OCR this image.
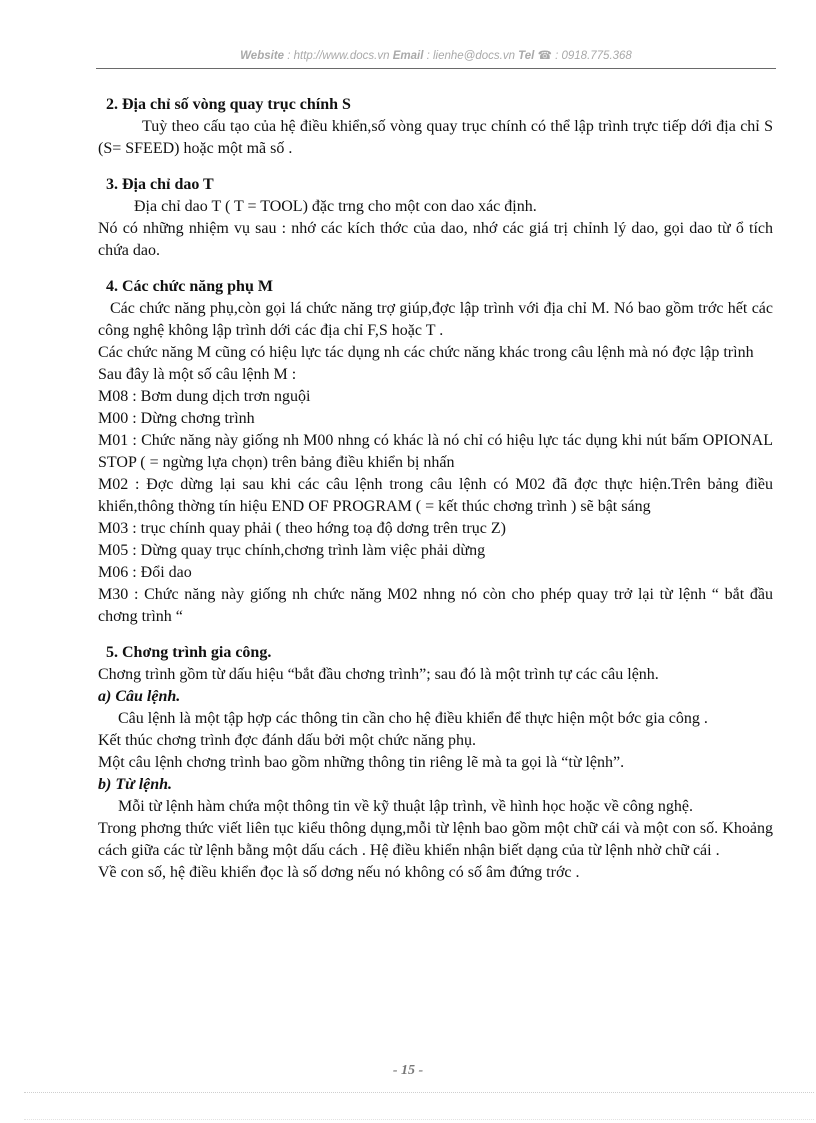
Website : http://www.docs.vn Email : lienhe@docs.vn Tel ☎ : 0918.775.368

2. Địa chỉ số vòng quay trục chính S

Tuỳ theo cấu tạo của hệ điều khiển,số vòng quay trục chính có thể lập trình trực tiếp dới địa chỉ S (S= SFEED) hoặc một mã số .

3. Địa chỉ dao T

Địa chỉ dao T ( T = TOOL) đặc trng cho một con dao xác định.

Nó có những nhiệm vụ sau : nhớ các kích thớc của dao, nhớ các giá trị chỉnh lý dao, gọi dao từ ổ tích chứa dao.

4. Các chức năng phụ M

Các chức năng phụ,còn gọi lá chức năng trợ giúp,đợc lập trình với địa chỉ M. Nó bao gồm trớc hết các công nghệ không lập trình dới các địa chỉ F,S hoặc T .

Các chức năng M cũng có hiệu lực tác dụng nh các chức năng khác trong câu lệnh mà nó đợc lập trình

Sau đây là một số câu lệnh M :

M08 : Bơm dung dịch trơn nguội

M00 : Dừng chơng trình

M01 : Chức năng này giống nh M00 nhng có khác là nó chỉ có hiệu lực tác dụng khi nút bấm OPIONAL STOP ( = ngừng lựa chọn) trên bảng điều khiển bị nhấn

M02 : Đợc dừng lại sau khi các câu lệnh trong câu lệnh có M02 đã đợc thực hiện.Trên bảng điều khiển,thông thờng tín hiệu END OF PROGRAM ( = kết thúc chơng trình ) sẽ bật sáng

M03 : trục chính quay phải ( theo hớng toạ độ dơng trên trục Z)

M05 : Dừng quay trục chính,chơng trình làm việc phải dừng

M06 : Đổi dao

M30 : Chức năng này giống nh chức năng M02 nhng nó còn cho phép quay trở lại từ lệnh “ bắt đầu chơng trình “

5. Chơng trình gia công.

Chơng trình gồm từ dấu hiệu “bắt đầu chơng trình”; sau đó là một trình tự các câu lệnh.

a) Câu lệnh.

Câu lệnh là một tập hợp các thông tin cần cho hệ điều khiển để thực hiện một bớc gia công .

Kết thúc chơng trình đợc đánh dấu bởi một chức năng phụ.

Một câu lệnh chơng trình bao gồm những thông tin riêng lẽ mà ta gọi là “từ lệnh”.

b) Từ lệnh.

Mỗi từ lệnh hàm chứa một thông tin về kỹ thuật lập trình, về hình học hoặc về công nghệ.

Trong phơng thức viết liên tục kiểu thông dụng,mỗi từ lệnh bao gồm một chữ cái và một con số. Khoảng cách giữa các từ lệnh bằng một dấu cách . Hệ điều khiển nhận biết dạng của từ lệnh nhờ chữ cái .

Về con số, hệ điều khiển đọc là số dơng nếu nó không có số âm đứng trớc .

- 15 -
